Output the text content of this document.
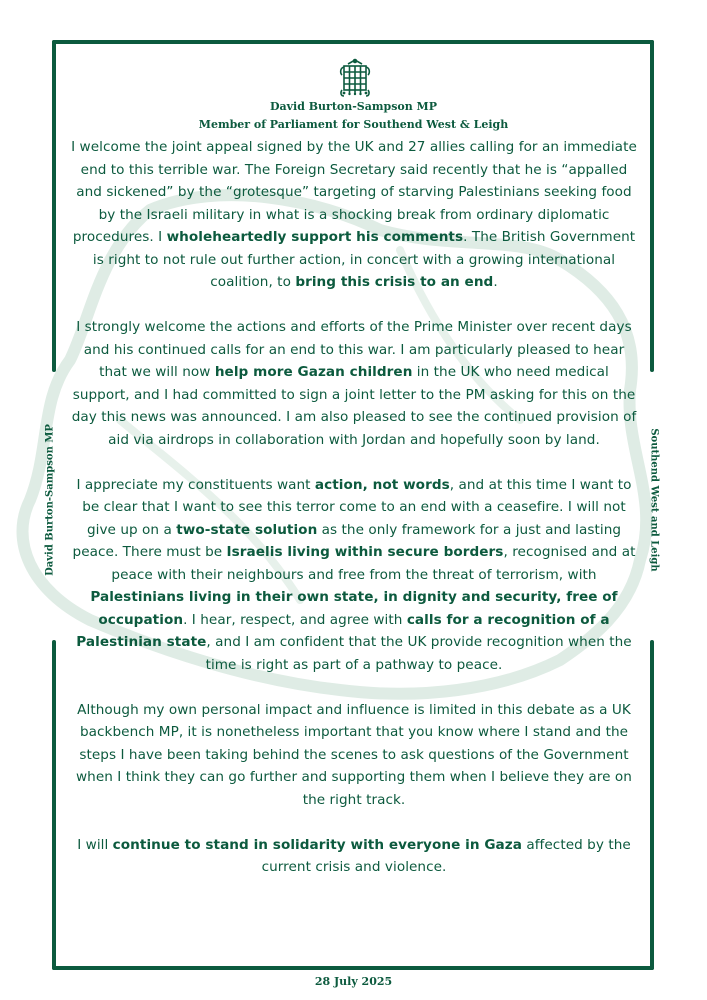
David Burton-Sampson MP
Member of Parliament for Southend West & Leigh
David Burton-Sampson MP	Southend West and Leigh

I welcome the joint appeal signed by the UK and 27 allies calling for an immediate end to this terrible war. The Foreign Secretary said recently that he is “appalled and sickened” by the “grotesque” targeting of starving Palestinians seeking food by the Israeli military in what is a shocking break from ordinary diplomatic procedures. I wholeheartedly support his comments. The British Government is right to not rule out further action, in concert with a growing international coalition, to bring this crisis to an end.

I strongly welcome the actions and efforts of the Prime Minister over recent days and his continued calls for an end to this war. I am particularly pleased to hear that we will now help more Gazan children in the UK who need medical support, and I had committed to sign a joint letter to the PM asking for this on the day this news was announced. I am also pleased to see the continued provision of aid via airdrops in collaboration with Jordan and hopefully soon by land.

I appreciate my constituents want action, not words, and at this time I want to be clear that I want to see this terror come to an end with a ceasefire. I will not give up on a two-state solution as the only framework for a just and lasting peace. There must be Israelis living within secure borders, recognised and at peace with their neighbours and free from the threat of terrorism, with Palestinians living in their own state, in dignity and security, free of occupation. I hear, respect, and agree with calls for a recognition of a Palestinian state, and I am confident that the UK provide recognition when the time is right as part of a pathway to peace.

Although my own personal impact and influence is limited in this debate as a UK backbench MP, it is nonetheless important that you know where I stand and the steps I have been taking behind the scenes to ask questions of the Government when I think they can go further and supporting them when I believe they are on the right track.

I will continue to stand in solidarity with everyone in Gaza affected by the current crisis and violence.

28 July 2025
